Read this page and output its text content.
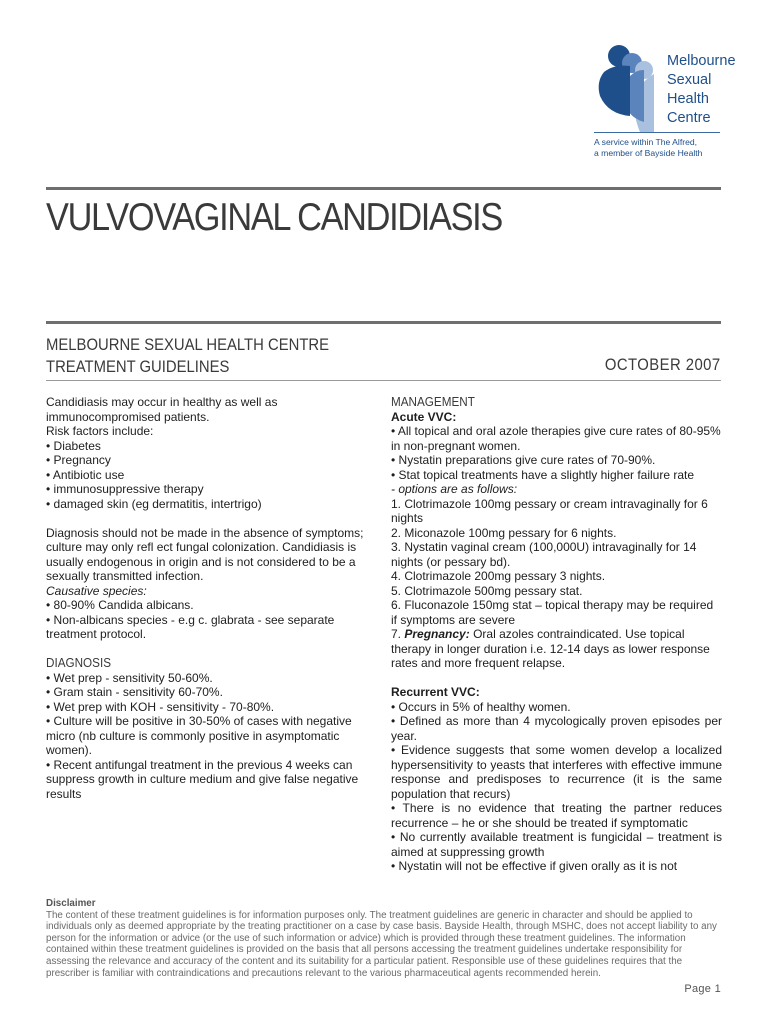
Melbourne
Sexual
Health
Centre
A service within The Alfred,
a member of Bayside Health
VULVOVAGINAL CANDIDIASIS
MELBOURNE SEXUAL HEALTH CENTRE
TREATMENT GUIDELINES	OCTOBER 2007

Candidiasis may occur in healthy as well as immunocompromised patients.

Risk factors include:

• Diabetes

• Pregnancy

• Antibiotic use

• immunosuppressive therapy

• damaged skin (eg dermatitis, intertrigo)

Diagnosis should not be made in the absence of symptoms; culture may only refl ect fungal colonization. Candidiasis is usually endogenous in origin and is not considered to be a sexually transmitted infection.

Causative species:

• 80-90% Candida albicans.

• Non-albicans species - e.g c. glabrata - see separate treatment protocol.

DIAGNOSIS

• Wet prep - sensitivity 50-60%.

• Gram stain - sensitivity 60-70%.

• Wet prep with KOH - sensitivity - 70-80%.

• Culture will be positive in 30-50% of cases with negative micro (nb culture is commonly positive in asymptomatic women).

• Recent antifungal treatment in the previous 4 weeks can suppress growth in culture medium and give false negative results

MANAGEMENT

Acute VVC:

• All topical and oral azole therapies give cure rates of 80-95% in non-pregnant women.

• Nystatin preparations give cure rates of 70-90%.

• Stat topical treatments have a slightly higher failure rate

- options are as follows:

1. Clotrimazole 100mg pessary or cream intravaginally for 6 nights

2. Miconazole 100mg pessary for 6 nights.

3. Nystatin vaginal cream (100,000U) intravaginally for 14 nights (or pessary bd).

4. Clotrimazole 200mg pessary 3 nights.

5. Clotrimazole 500mg pessary stat.

6. Fluconazole 150mg stat – topical therapy may be required if symptoms are severe

7. Pregnancy: Oral azoles contraindicated. Use topical therapy in longer duration i.e. 12-14 days as lower response rates and more frequent relapse.

Recurrent VVC:

• Occurs in 5% of healthy women.

• Defined as more than 4 mycologically proven episodes per year.

• Evidence suggests that some women develop a localized hypersensitivity to yeasts that interferes with effective immune response and predisposes to recurrence (it is the same population that recurs)

• There is no evidence that treating the partner reduces recurrence – he or she should be treated if symptomatic

• No currently available treatment is fungicidal – treatment is aimed at suppressing growth

• Nystatin will not be effective if given orally as it is not

Disclaimer
The content of these treatment guidelines is for information purposes only. The treatment guidelines are generic in character and should be applied to individuals only as deemed appropriate by the treating practitioner on a case by case basis. Bayside Health, through MSHC, does not accept liability to any person for the information or advice (or the use of such information or advice) which is provided through these treatment guidelines. The information contained within these treatment guidelines is provided on the basis that all persons accessing the treatment guidelines undertake responsibility for assessing the relevance and accuracy of the content and its suitability for a particular patient. Responsible use of these guidelines requires that the prescriber is familiar with contraindications and precautions relevant to the various pharmaceutical agents recommended herein.
Page 1
